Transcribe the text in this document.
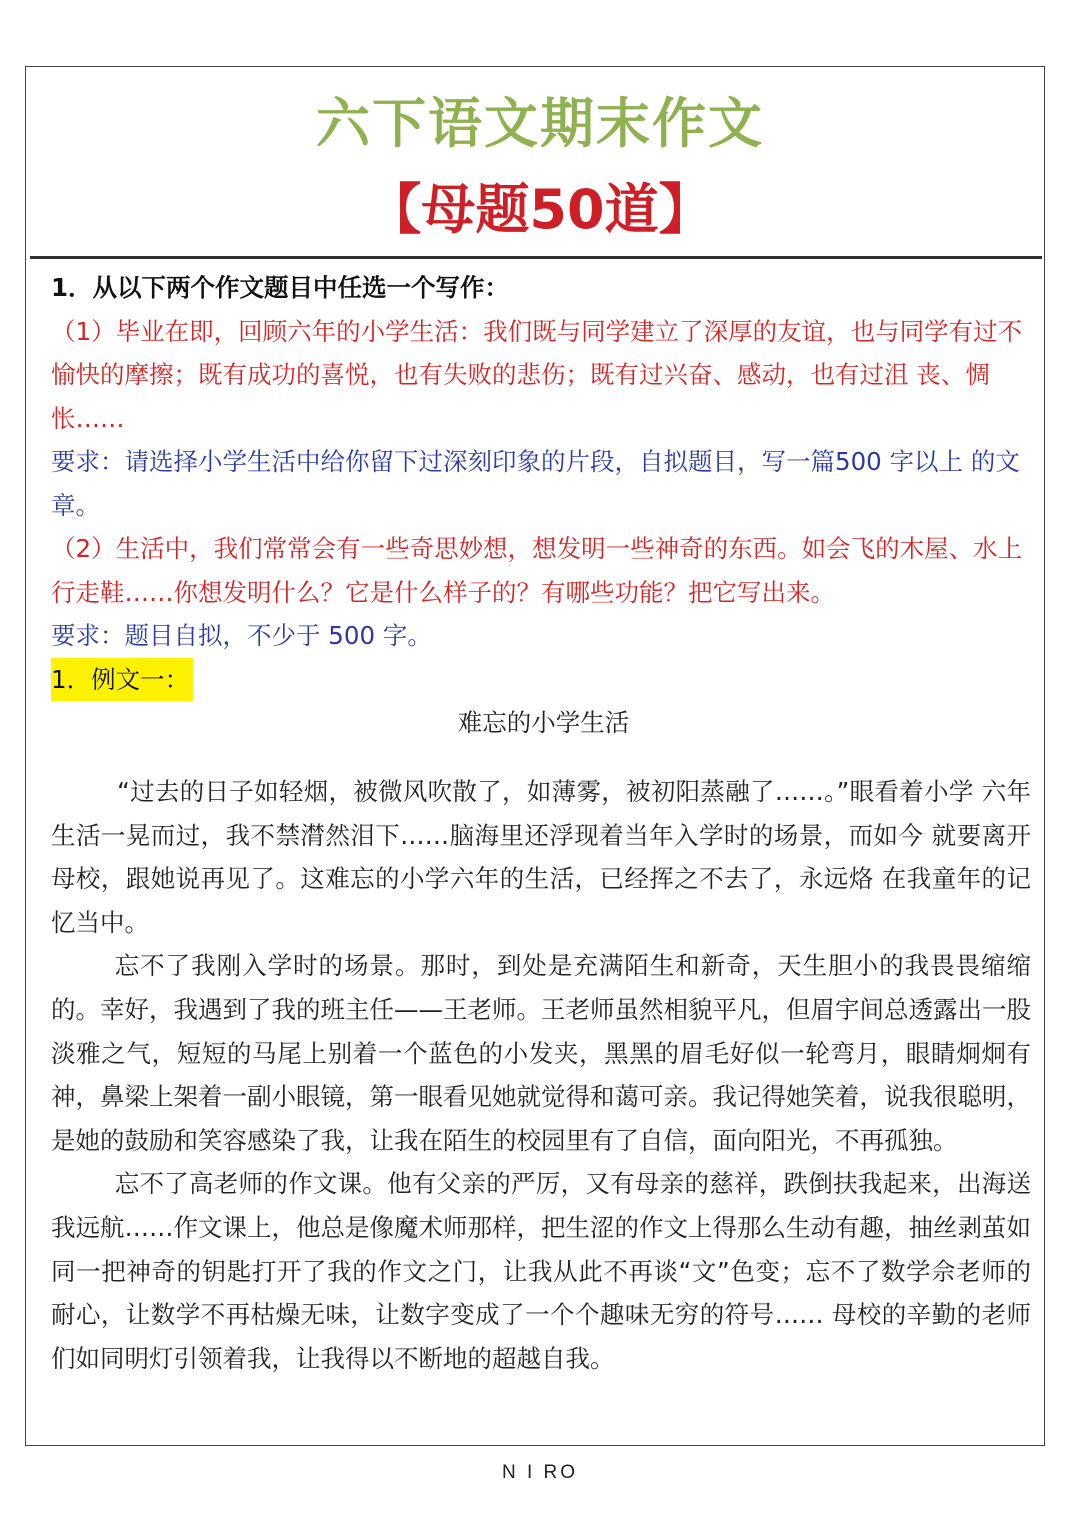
六下语文期末作文
【母题50道】

1．从以下两个作文题目中任选一个写作：

（1）毕业在即，回顾六年的小学生活：我们既与同学建立了深厚的友谊，也与同学有过不愉快的摩擦；既有成功的喜悦，也有失败的悲伤；既有过兴奋、感动，也有过沮 丧、惆怅……

要求：请选择小学生活中给你留下过深刻印象的片段，自拟题目，写一篇500 字以上 的文章。

（2）生活中，我们常常会有一些奇思妙想，想发明一些神奇的东西。如会飞的木屋、水上行走鞋……你想发明什么？它是什么样子的？有哪些功能？把它写出来。

要求：题目自拟，不少于 500 字。

1．例文一：

难忘的小学生活

“过去的日子如轻烟，被微风吹散了，如薄雾，被初阳蒸融了……。”眼看着小学 六年生活一晃而过，我不禁潸然泪下……脑海里还浮现着当年入学时的场景，而如今 就要离开母校，跟她说再见了。这难忘的小学六年的生活，已经挥之不去了，永远烙 在我童年的记忆当中。

忘不了我刚入学时的场景。那时，到处是充满陌生和新奇，天生胆小的我畏畏缩缩的。幸好，我遇到了我的班主任——王老师。王老师虽然相貌平凡，但眉宇间总透露出一股淡雅之气，短短的马尾上别着一个蓝色的小发夹，黑黑的眉毛好似一轮弯月，眼睛炯炯有神，鼻梁上架着一副小眼镜，第一眼看见她就觉得和蔼可亲。我记得她笑着，说我很聪明，是她的鼓励和笑容感染了我，让我在陌生的校园里有了自信，面向阳光，不再孤独。

忘不了高老师的作文课。他有父亲的严厉，又有母亲的慈祥，跌倒扶我起来，出海送我远航……作文课上，他总是像魔术师那样，把生涩的作文上得那么生动有趣，抽丝剥茧如同一把神奇的钥匙打开了我的作文之门，让我从此不再谈“文”色变；忘不了数学佘老师的耐心，让数学不再枯燥无味，让数字变成了一个个趣味无穷的符号…… 母校的辛勤的老师们如同明灯引领着我，让我得以不断地的超越自我。

N I RO
